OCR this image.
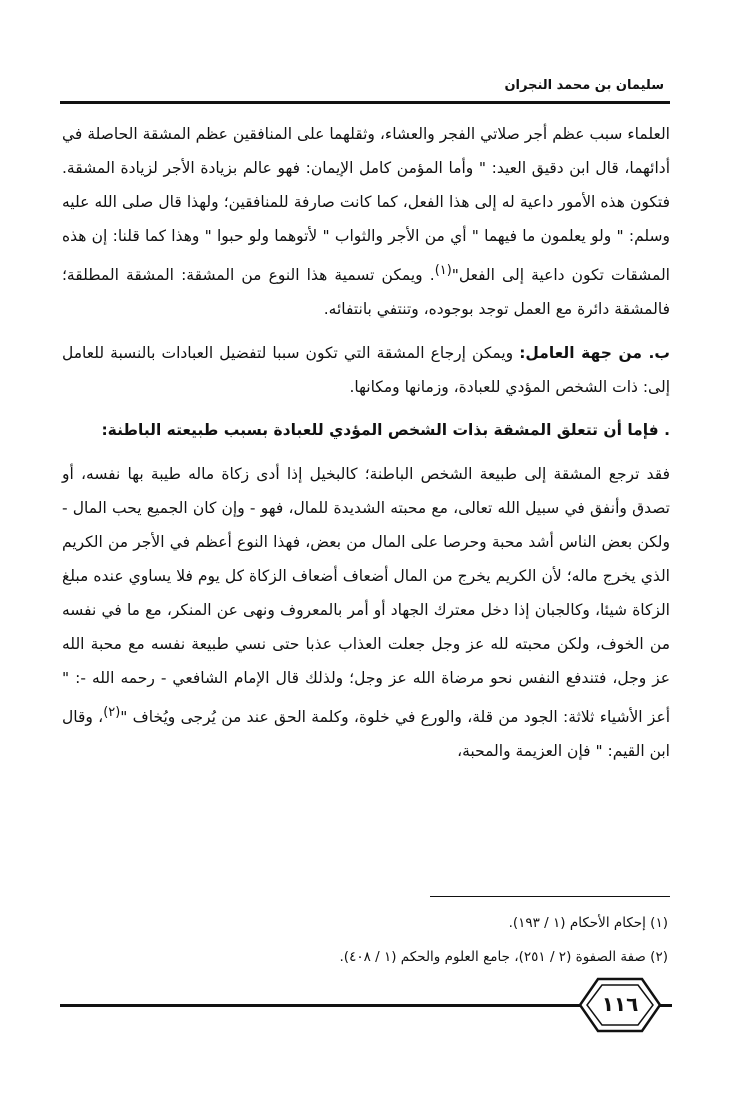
سليمان بن محمد النجران

العلماء سبب عظم أجر صلاتي الفجر والعشاء، وثقلهما على المنافقين عظم المشقة الحاصلة في أدائهما، قال ابن دقيق العيد: " وأما المؤمن كامل الإيمان: فهو عالم بزيادة الأجر لزيادة المشقة. فتكون هذه الأمور داعية له إلى هذا الفعل، كما كانت صارفة للمنافقين؛ ولهذا قال صلى الله عليه وسلم: " ولو يعلمون ما فيهما " أي من الأجر والثواب " لأتوهما ولو حبوا " وهذا كما قلنا: إن هذه المشقات تكون داعية إلى الفعل"$^{(١)}$. ويمكن تسمية هذا النوع من المشقة: المشقة المطلقة؛ فالمشقة دائرة مع العمل توجد بوجوده، وتنتفي بانتفائه.

ب. من جهة العامل: ويمكن إرجاع المشقة التي تكون سببا لتفضيل العبادات بالنسبة للعامل إلى: ذات الشخص المؤدي للعبادة، وزمانها ومكانها.

. فإما أن تتعلق المشقة بذات الشخص المؤدي للعبادة بسبب طبيعته الباطنة:

فقد ترجع المشقة إلى طبيعة الشخص الباطنة؛ كالبخيل إذا أدى زكاة ماله طيبة بها نفسه، أو تصدق وأنفق في سبيل الله تعالى، مع محبته الشديدة للمال، فهو - وإن كان الجميع يحب المال - ولكن بعض الناس أشد محبة وحرصا على المال من بعض، فهذا النوع أعظم في الأجر من الكريم الذي يخرج ماله؛ لأن الكريم يخرج من المال أضعاف أضعاف الزكاة كل يوم فلا يساوي عنده مبلغ الزكاة شيئا، وكالجبان إذا دخل معترك الجهاد أو أمر بالمعروف ونهى عن المنكر، مع ما في نفسه من الخوف، ولكن محبته لله عز وجل جعلت العذاب عذبا حتى نسي طبيعة نفسه مع محبة الله عز وجل، فتندفع النفس نحو مرضاة الله عز وجل؛ ولذلك قال الإمام الشافعي - رحمه الله -: " أعز الأشياء ثلاثة: الجود من قلة، والورع في خلوة، وكلمة الحق عند من يُرجى ويُخاف "$^{(٢)}$، وقال ابن القيم: " فإن العزيمة والمحبة،

(١) إحكام الأحكام (١ / ١٩٣).

(٢) صفة الصفوة (٢ / ٢٥١)، جامع العلوم والحكم (١ / ٤٠٨).

١١٦
